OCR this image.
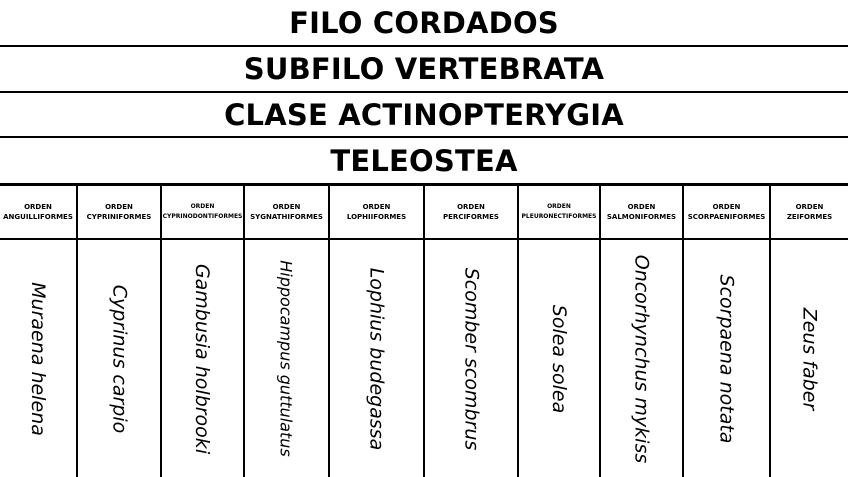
FILO CORDADOS
SUBFILO VERTEBRATA
CLASE ACTINOPTERYGIA
TELEOSTEA
ORDEN
ANGUILLIFORMES
Muraena helena
ORDEN
CYPRINIFORMES
Cyprinus carpio
ORDEN
CYPRINODONTIFORMES
Gambusia holbrooki
ORDEN
SYGNATHIFORMES
Hippocampus guttulatus
ORDEN
LOPHIIFORMES
Lophius budegassa
ORDEN
PERCIFORMES
Scomber scombrus
ORDEN
PLEURONECTIFORMES
Solea solea
ORDEN
SALMONIFORMES
Oncorhynchus mykiss
ORDEN
SCORPAENIFORMES
Scorpaena notata
ORDEN
ZEIFORMES
Zeus faber
